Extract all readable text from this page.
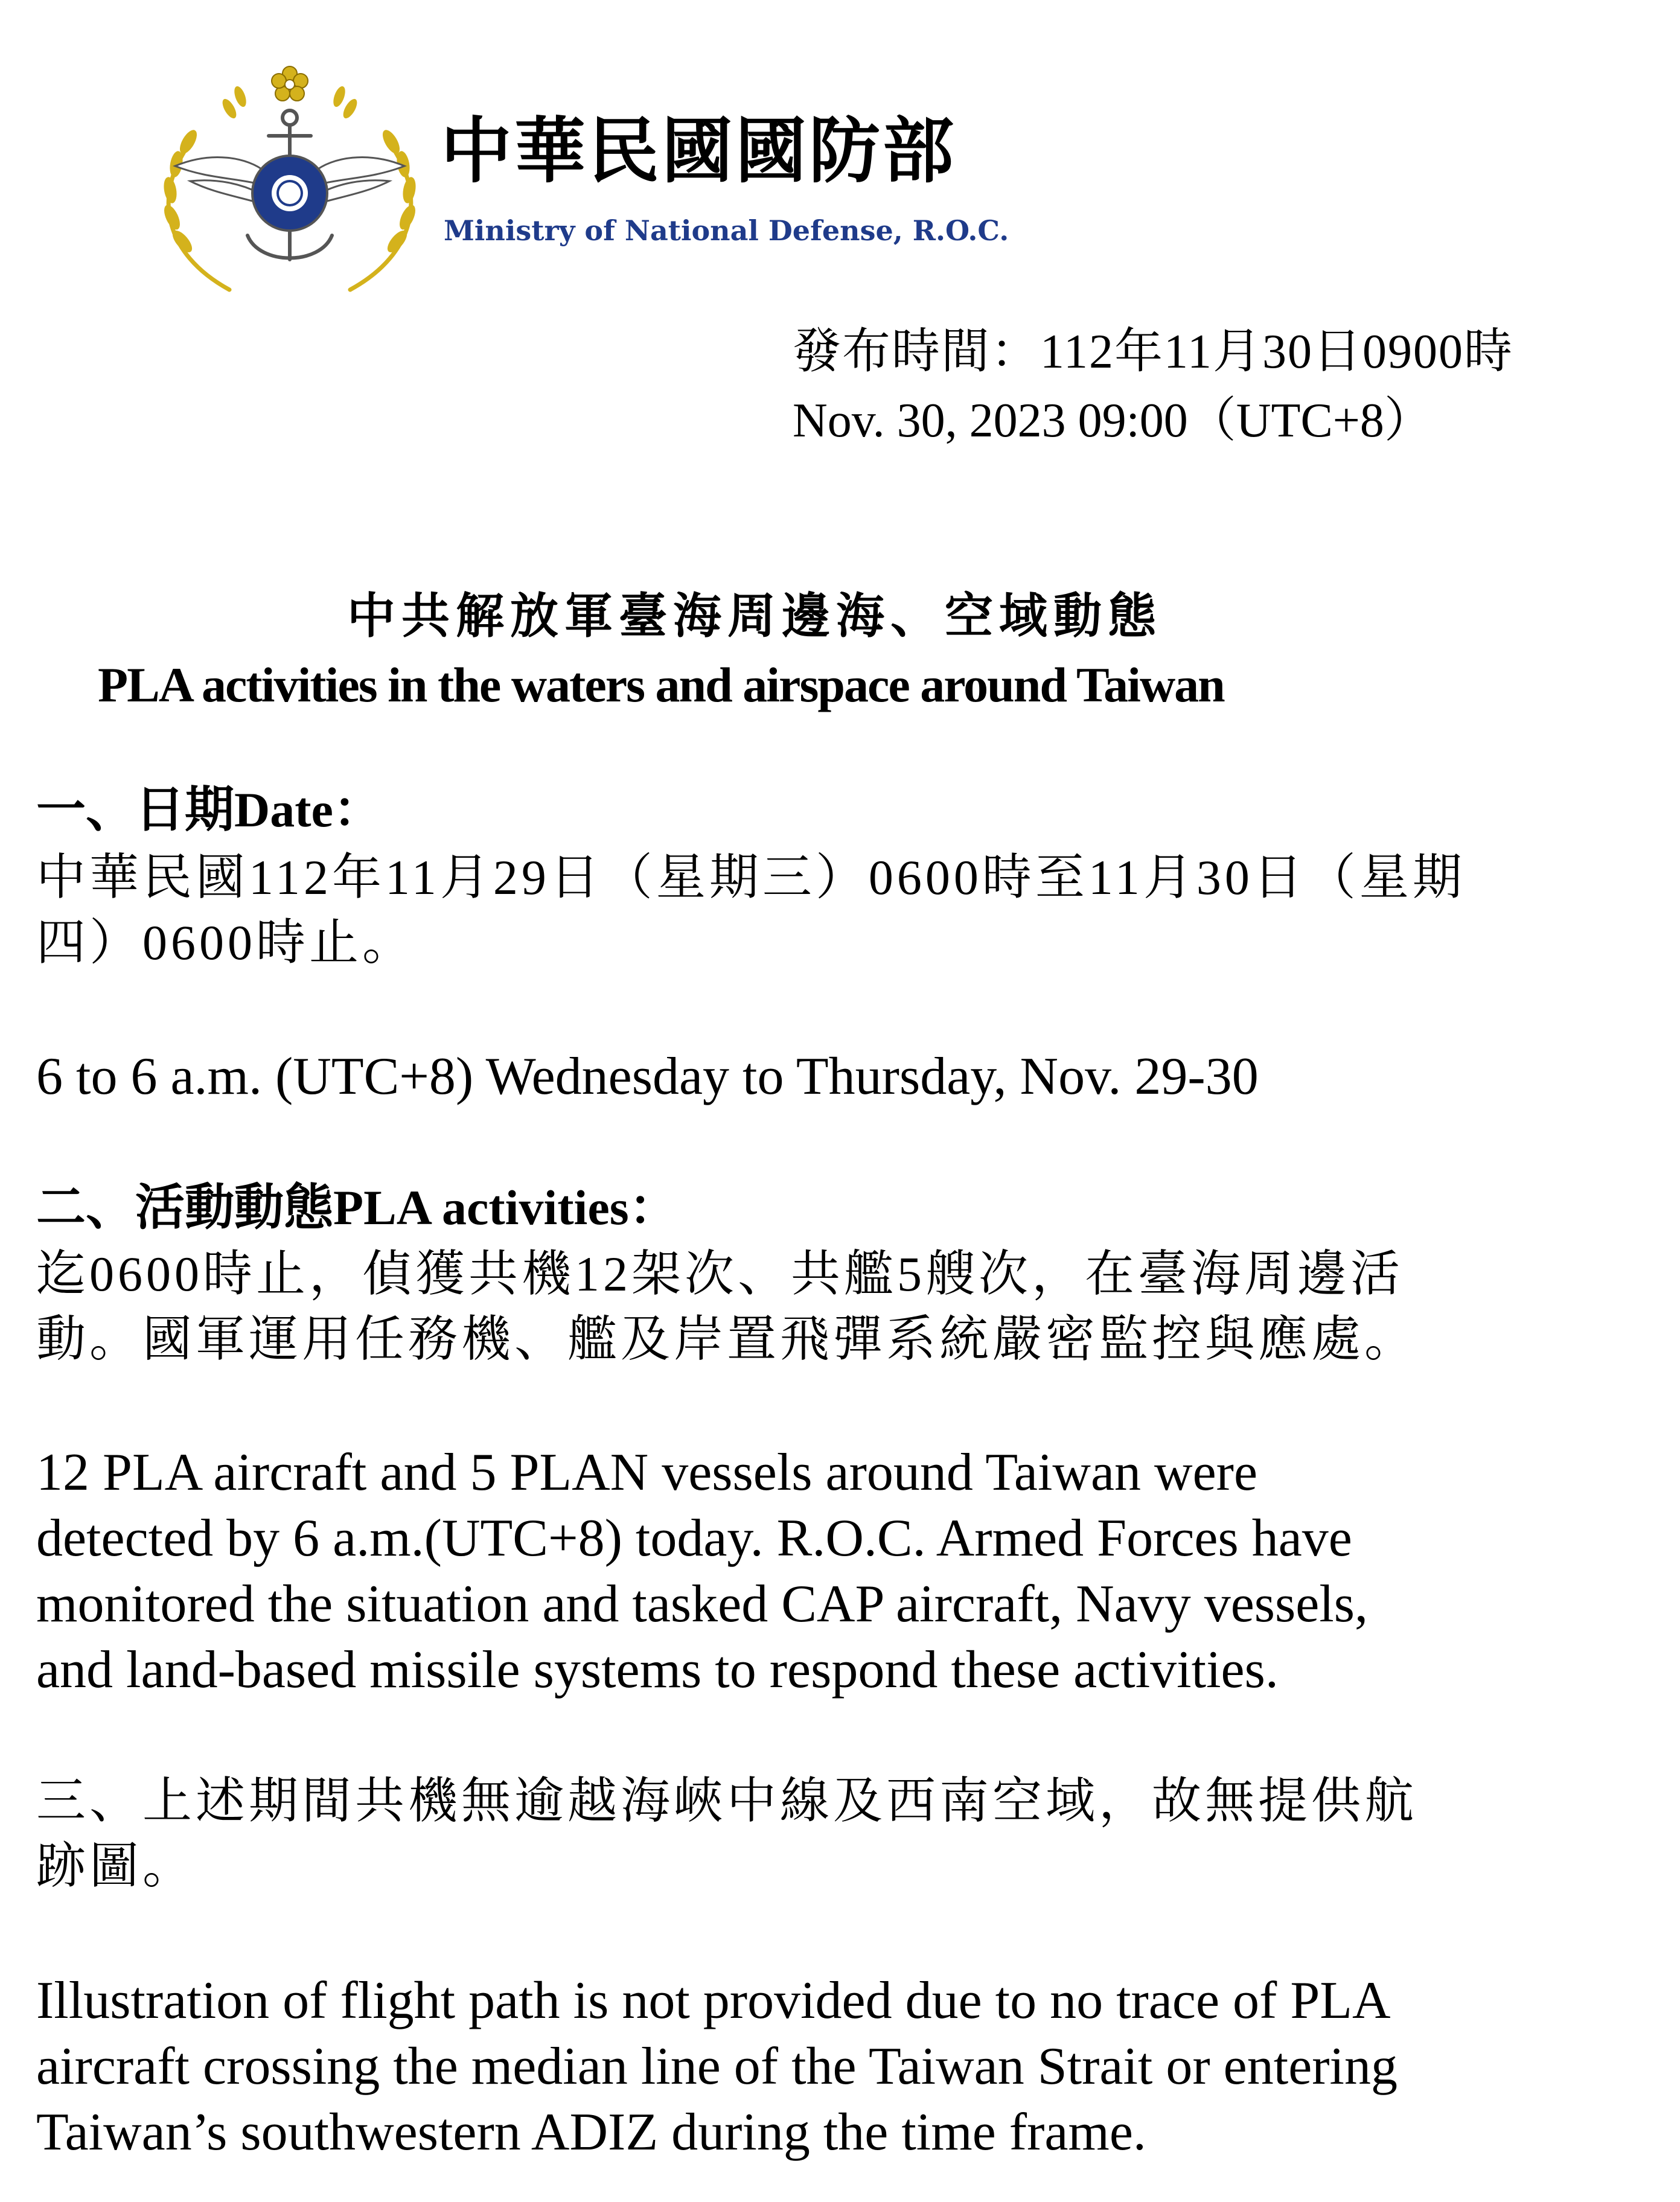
中華民國國防部
Ministry of National Defense, R.O.C.
發布時間：112年11月30日0900時
Nov. 30, 2023 09:00（UTC+8）
中共解放軍臺海周邊海、空域動態
PLA activities in the waters and airspace around Taiwan
一、日期Date：
中華民國112年11月29日（星期三）0600時至11月30日（星期
四）0600時止。
6 to 6 a.m. (UTC+8) Wednesday to Thursday, Nov. 29-30
二、活動動態PLA activities：
迄0600時止，偵獲共機12架次、共艦5艘次，在臺海周邊活
動。國軍運用任務機、艦及岸置飛彈系統嚴密監控與應處。
12 PLA aircraft and 5 PLAN vessels around Taiwan were
detected by 6 a.m.(UTC+8) today. R.O.C. Armed Forces have
monitored the situation and tasked CAP aircraft, Navy vessels,
and land-based missile systems to respond these activities.
三、上述期間共機無逾越海峽中線及西南空域，故無提供航
跡圖。
Illustration of flight path is not provided due to no trace of PLA
aircraft crossing the median line of the Taiwan Strait or entering
Taiwan’s southwestern ADIZ during the time frame.
